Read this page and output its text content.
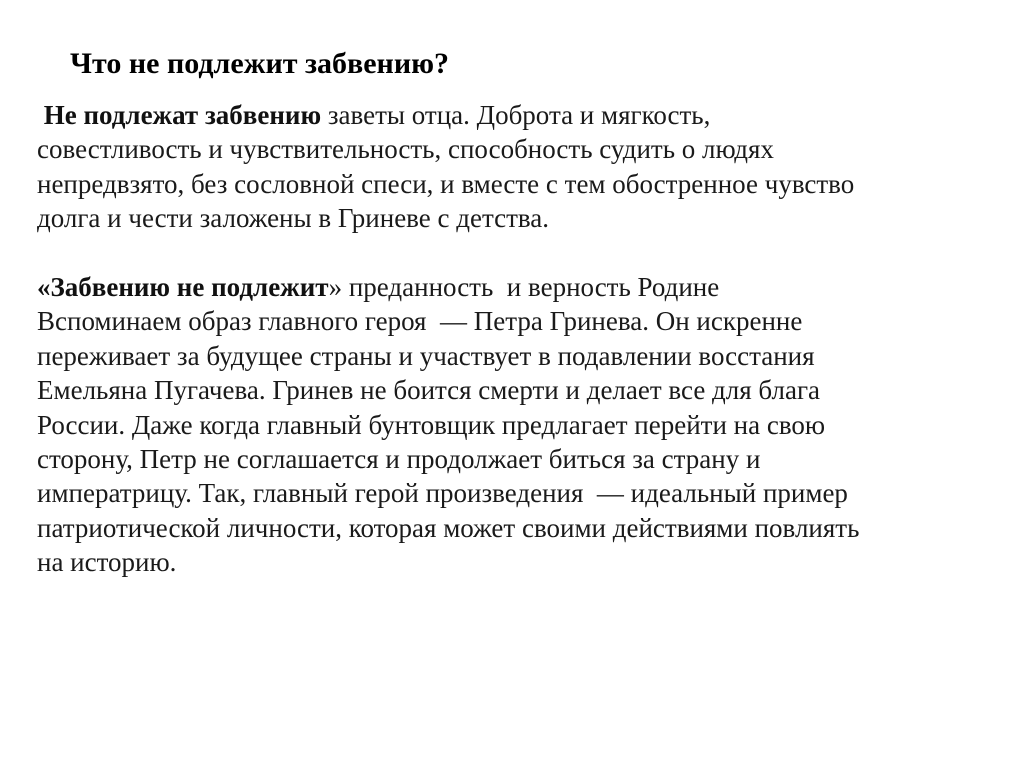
Что не подлежит забвению?
Не подлежат забвению заветы отца. Доброта и мягкость,
совестливость и чувствительность, способность судить о людях
непредвзято, без сословной спеси, и вместе с тем обостренное чувство
долга и чести заложены в Гриневе с детства.
«Забвению не подлежит» преданность  и верность Родине
Вспоминаем образ главного героя  — Петра Гринева. Он искренне
переживает за будущее страны и участвует в подавлении восстания
Емельяна Пугачева. Гринев не боится смерти и делает все для блага
России. Даже когда главный бунтовщик предлагает перейти на свою
сторону, Петр не соглашается и продолжает биться за страну и
императрицу. Так, главный герой произведения  — идеальный пример
патриотической личности, которая может своими действиями повлиять
на историю.
